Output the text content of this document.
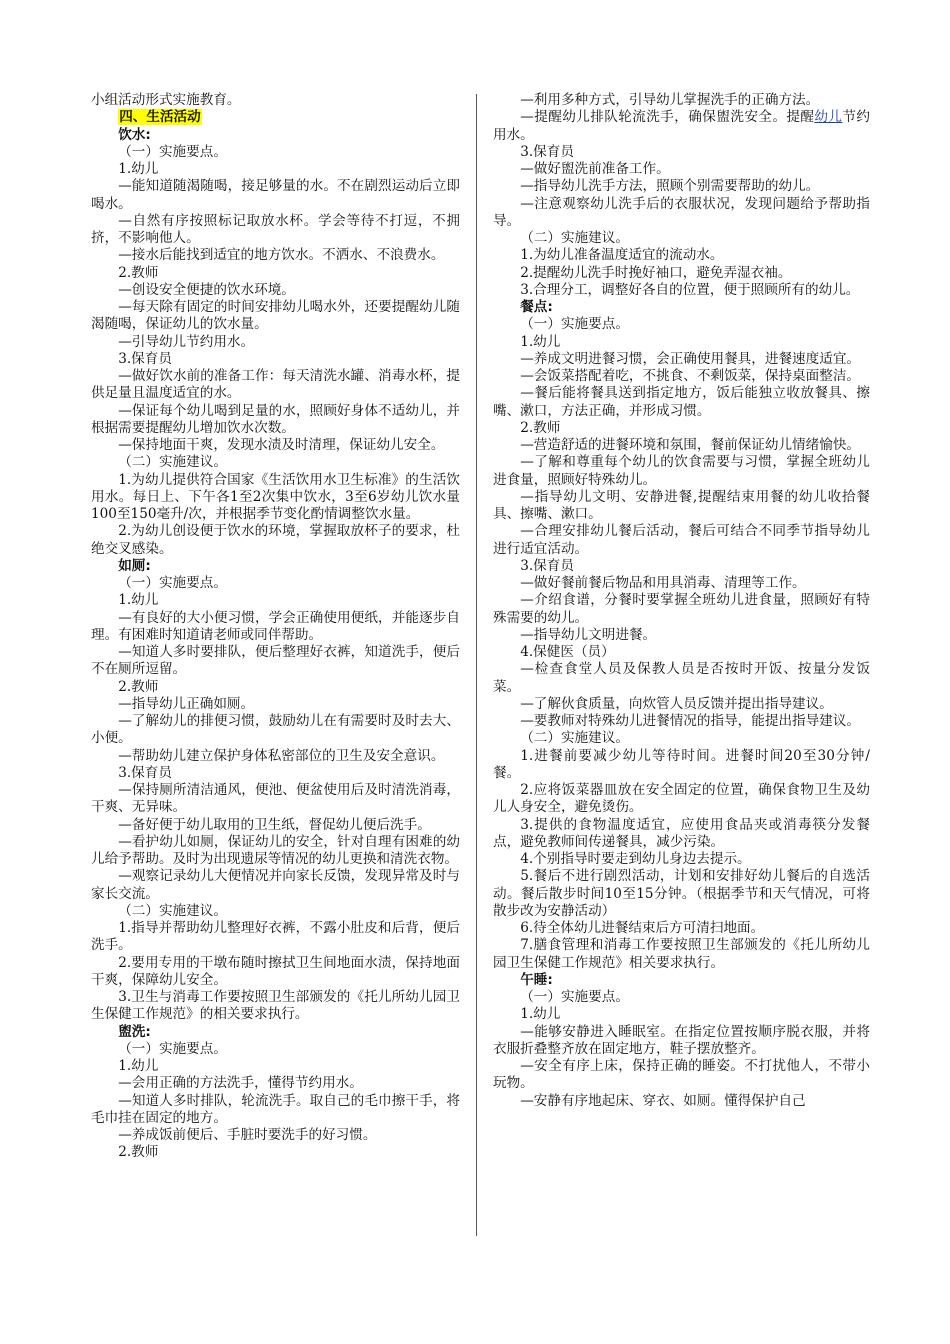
小组活动形式实施教育。

四、生活活动

饮水:

（一）实施要点。

1.幼儿

—能知道随渴随喝，接足够量的水。不在剧烈运动后立即喝水。

—自然有序按照标记取放水杯。学会等待不打逗，不拥挤，不影响他人。

—接水后能找到适宜的地方饮水。不洒水、不浪费水。

2.教师

—创设安全便捷的饮水环境。

—每天除有固定的时间安排幼儿喝水外，还要提醒幼儿随渴随喝，保证幼儿的饮水量。

—引导幼儿节约用水。

3.保育员

—做好饮水前的准备工作：每天清洗水罐、消毒水杯，提供足量且温度适宜的水。

—保证每个幼儿喝到足量的水，照顾好身体不适幼儿，并根据需要提醒幼儿增加饮水次数。

—保持地面干爽，发现水渍及时清理，保证幼儿安全。

（二）实施建议。

1.为幼儿提供符合国家《生活饮用水卫生标准》的生活饮用水。每日上、下午各1至2次集中饮水，3至6岁幼儿饮水量100至150毫升/次，并根据季节变化酌情调整饮水量。

2.为幼儿创设便于饮水的环境，掌握取放杯子的要求，杜绝交叉感染。

如厕:

（一）实施要点。

1.幼儿

—有良好的大小便习惯，学会正确使用便纸，并能逐步自理。有困难时知道请老师或同伴帮助。

—知道人多时要排队，便后整理好衣裤，知道洗手，便后不在厕所逗留。

2.教师

—指导幼儿正确如厕。

—了解幼儿的排便习惯，鼓励幼儿在有需要时及时去大、小便。

—帮助幼儿建立保护身体私密部位的卫生及安全意识。

3.保育员

—保持厕所清洁通风，便池、便盆使用后及时清洗消毒，干爽、无异味。

—备好便于幼儿取用的卫生纸，督促幼儿便后洗手。

—看护幼儿如厕，保证幼儿的安全，针对自理有困难的幼儿给予帮助。及时为出现遗尿等情况的幼儿更换和清洗衣物。

—观察记录幼儿大便情况并向家长反馈，发现异常及时与家长交流。

（二）实施建议。

1.指导并帮助幼儿整理好衣裤，不露小肚皮和后背，便后洗手。

2.要用专用的干墩布随时擦拭卫生间地面水渍，保持地面干爽，保障幼儿安全。

3.卫生与消毒工作要按照卫生部颁发的《托儿所幼儿园卫生保健工作规范》的相关要求执行。

盥洗:

（一）实施要点。

1.幼儿

—会用正确的方法洗手，懂得节约用水。

—知道人多时排队，轮流洗手。取自己的毛巾擦干手，将毛巾挂在固定的地方。

—养成饭前便后、手脏时要洗手的好习惯。

2.教师

—利用多种方式，引导幼儿掌握洗手的正确方法。

—提醒幼儿排队轮流洗手，确保盥洗安全。提醒幼儿节约用水。

3.保育员

—做好盥洗前准备工作。

—指导幼儿洗手方法，照顾个别需要帮助的幼儿。

—注意观察幼儿洗手后的衣服状况，发现问题给予帮助指导。

（二）实施建议。

1.为幼儿准备温度适宜的流动水。

2.提醒幼儿洗手时挽好袖口，避免弄湿衣袖。

3.合理分工，调整好各自的位置，便于照顾所有的幼儿。

餐点:

（一）实施要点。

1.幼儿

—养成文明进餐习惯，会正确使用餐具，进餐速度适宜。

—会饭菜搭配着吃，不挑食、不剩饭菜，保持桌面整洁。

—餐后能将餐具送到指定地方，饭后能独立收放餐具、擦嘴、漱口，方法正确，并形成习惯。

2.教师

—营造舒适的进餐环境和氛围，餐前保证幼儿情绪愉快。

—了解和尊重每个幼儿的饮食需要与习惯，掌握全班幼儿进食量，照顾好特殊幼儿。

—指导幼儿文明、安静进餐,提醒结束用餐的幼儿收拾餐具、擦嘴、漱口。

—合理安排幼儿餐后活动，餐后可结合不同季节指导幼儿进行适宜活动。

3.保育员

—做好餐前餐后物品和用具消毒、清理等工作。

—介绍食谱，分餐时要掌握全班幼儿进食量，照顾好有特殊需要的幼儿。

—指导幼儿文明进餐。

4.保健医（员）

—检查食堂人员及保教人员是否按时开饭、按量分发饭菜。

—了解伙食质量，向炊管人员反馈并提出指导建议。

—要教师对特殊幼儿进餐情况的指导，能提出指导建议。

（二）实施建议。

1.进餐前要减少幼儿等待时间。进餐时间20至30分钟/餐。

2.应将饭菜器皿放在安全固定的位置，确保食物卫生及幼儿人身安全，避免烫伤。

3.提供的食物温度适宜，应使用食品夹或消毒筷分发餐点，避免教师间传递餐具，减少污染。

4.个别指导时要走到幼儿身边去提示。

5.餐后不进行剧烈活动，计划和安排好幼儿餐后的自选活动。餐后散步时间10至15分钟。（根据季节和天气情况，可将散步改为安静活动）

6.待全体幼儿进餐结束后方可清扫地面。

7.膳食管理和消毒工作要按照卫生部颁发的《托儿所幼儿园卫生保健工作规范》相关要求执行。

午睡:

（一）实施要点。

1.幼儿

—能够安静进入睡眠室。在指定位置按顺序脱衣服，并将衣服折叠整齐放在固定地方，鞋子摆放整齐。

—安全有序上床，保持正确的睡姿。不打扰他人，不带小玩物。

—安静有序地起床、穿衣、如厕。懂得保护自己
